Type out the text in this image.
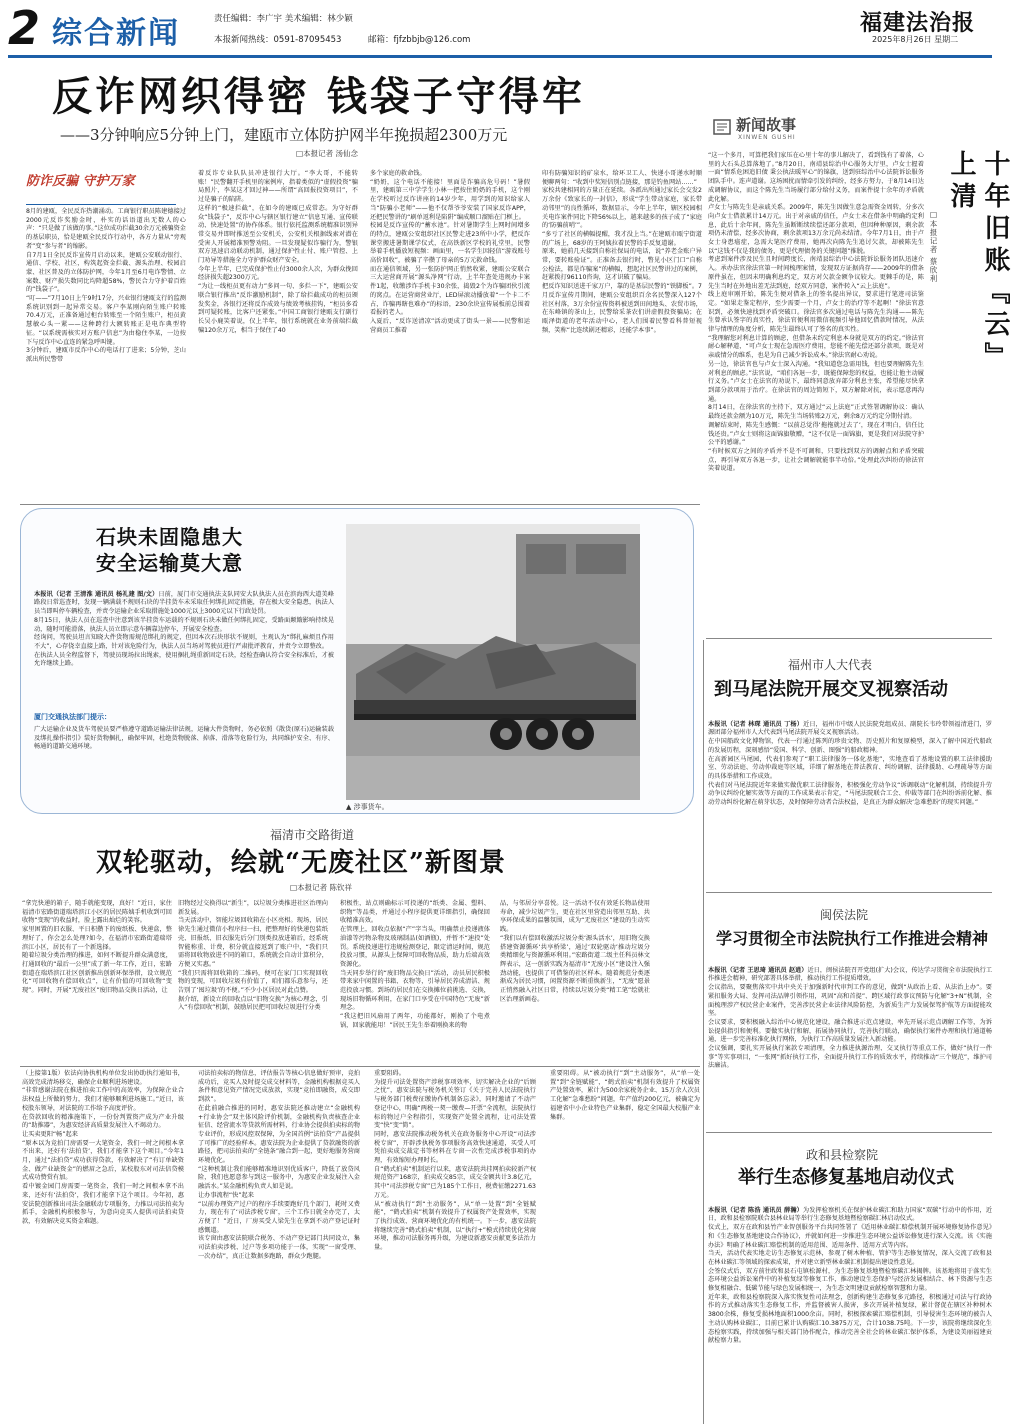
2 综合新闻	责任编辑：李广宇 美术编辑：林少颖
本报新闻热线：0591-87095453	邮箱：fjfzbbjb@126.com
福建法治报
2025年8月26日 星期二
反诈网织得密 钱袋子守得牢
——3分钟响应5分钟上门，建瓯市立体防护网半年挽损超2300万元
□本报记者 汤仙念
防诈反骗 守护万家
8月的建瓯，全民反诈热潮涌动。工商银行职员陈建德接过2000元反诈奖励金时，朴实的话语道出无数人的心声：“只是做了该做的事。”这位成功拦截30余万元被骗资金的基层职员，恰是建瓯全民反诈行动中，各方力量从“旁观者”变“参与者”的缩影。
自7月1日全民反诈宣传月启动以来，建瓯公安联动银行、通信、学校、社区，构筑起资金拦截、源头治理、校园启蒙、社区普及的立体防护网，今年1月至6月电诈警情、立案数、财产损失数同比均降超58%，警民合力守护着百姓的“钱袋子”。
“叮——”7月10日上午9时17分，兴业银行建瓯支行的监测系统识别到一起异常交易。客户李某刚向陌生账户转账70.4万元，正准备通过柜台转账至一个陌生账户，柜员黄慧敏心头一紧——这种跨行大额转账正是电诈典型特征。“以系统需核实对方账户信息”为由稳住李某，一边按下与反诈中心直连的紧急呼叫键。
3分钟后，建瓯市反诈中心的电话打了进来；5分钟，芝山派出所民警带
着反诈专业队队员冲进银行大厅。“李大哥，不能转账！”民警翻开手机里的案例库，指着类似的“虚假投资”骗局照片，李某这才回过神——所谓“高回报投资项目”，不过是骗子的陷阱。
这样的“极速拦截”，在如今的建瓯已成常态。为守好群众“钱袋子”，反诈中心与辖区银行建立“信息互通、宣传联动、快速处置”的协作体系。银行依托监测系统精准识别异常交易并即时推送至公安机关，公安机关根据线索对潜在受害人开展精准预警劝阻。一旦发现疑似诈骗行为，警银双方迅速启动联动机制，通过保护性止付、账户管控、上门劝导等措施全力守护群众财产安全。
今年上半年，已完成保护性止付3000余人次，为群众挽回经济损失超2300万元。
“为让一线柜员更有动力”多问一句、多拦一下”，建瓯公安联合银行推出“反诈激励机制”，除了给拦截成功的柜员颁发奖金，各银行还将反诈成效与绩效考核挂钩，“柜员多看到可疑转账，比客户还紧张。”中国工商银行建瓯支行副行长吴小鹿笑着说，仅上半年，银行系统就在业务前端拦截骗120余万元，相当于保住了40
多个家庭的救命钱。
“奶奶，这个电话不能接！里面是诈骗高危号码！”暑假里，建瓯第三中学学生小林一把按住奶奶的手机，这个刚在学校听过反诈讲座的14岁少年，用学到的知识给家人当“防骗小老师”——他不仅帮爷爷安装了国家反诈APP，还把民警讲的“刷单返利是陷阱”编成顺口溜贴在门框上。
校园是反诈宣传的“蓄水池”。针对暑期学生上网时间增多的特点，建瓯公安组织社区民警走进23所中小学，把反诈课堂搬进暑期课学仪式，在高铁新区学校的礼堂里，民警举着手机播放短视频：画面里，一名学生因轻信“游戏账号高价回收”，被骗了辛攒了母亲的5万元救命钱。
而在通信领域，另一张防护网正悄然收紧，建瓯公安联合三大运营商开展“源头净网”行动，上半年查处违规办卡案件1起，收缴涉诈手机卡30余张，捣毁2个为诈骗团伙引流的窝点。在运营商营业厅，LED屏滚动播放着“一个卡二不占，诈骗再瞎也难办”的标语，230余块宣传展板前总围着看报的老人。
入夏后，“反诈送清凉”活动更成了街头一景——民警和运营商员工推着
印有防骗知识的矿泉水，给环卫工人、快递小哥递水时顺便聊两句：“收到中奖短信别点链接，那是钓鱼网站……”
家校共建相同的方量正在延续。各派出所通过家长会交发2万余份《致家长的一封信》，形成“学生带动家庭，家长带动邻里”的良性循环，数据显示，今年上半年，辖区校园相关电诈案件同比下降56%以上，越来越多的孩子成了“家庭的‘防骗前哨’”。
“多亏了社区的横幅提醒，我才没上当。”在建瓯市瓯宁街道的广场上，68岁的王阿姨拉着民警的手反复道谢。
原来，她前几天接到自称社保局的电话，说“养老金账户异常，要转账验证”。正准备去银行时，瞥见小区门口“自称公检法，都是诈骗案”的横幅，想起社区民警讲过的案例，赶紧拨打96110咨询，这才识破了骗局。
把反诈知识送进千家万户，靠的是基层民警的“铁脚板”。7月反诈宣传月期间，建瓯公安组织百余名民警深入127个社区村落，3万余份宣传资料被送到田间地头、农贸市场，在东峰镇的茶山上，民警给采茶农们讲虚假投资骗局；在瓯泽街道的老年活动中心，老人们围着民警看科普短视频，笑称“比连续剧还精彩，还能学本事”。
新闻故事
XINWEN GUSHI
十年旧账『云』上清
□本报记者 蔡欣利
“这一个多月，可算把我们家压在心里十年的事儿解决了，看到钱有了着落，心里的大石头总算落地了。”8月20日，南靖县综治中心服务大厅里，卢女士握着一面“情系危困追旧债 秉公执法暖军心”的锦旗，送到驻综治中心法院诉讼服务团队手中。连声道谢。这场困扰而情牵引发的纠纷，经多方努力，于8月14日达成调解协议，而这个陈先生当场履行部分给付义务，而案件提十余年的矛盾就此化解。
卢女士与陈先生是亲戚关系。2009年，陈先生因做生意急需资金周转，分多次向卢女士借款累计14万元。出于对亲戚的信任，卢女士未在借条中明确约定利息，此后十余年间，陈先生虽断断续续偿还部分款项，但因种种原因，剩余款项仍未清偿，经多次协商，剩余款项13万余元尚未结清。今年7月1日，由于卢女士身患癌症，急需大笔医疗费用，她再次向陈先生追讨欠款，却被陈先生以“这钱不仅是我的债务，更是代理债务的关键问题”推脱。
考虑到案件涉及民生且时间跨度长，南靖县综治中心法院诉讼服务团队迅速介入。承办法官徐法官第一时间梳理案情，发现双方证据尚存——2009年的借条原件虽在，但因未明确利息约定，双方对欠款金额争议较大。更棘手的是，陈先生当时在外地出差无法到庭，经双方同意，案件转入“云上法庭”。
线上庭审刚开始，陈先生便对借条上的签名提出异议，要求进行笔迹司法鉴定。“如果走鉴定程序，至少需要一个月，卢女士的治疗等不起啊！”徐法官意识到，必须快速找到矛盾突破口。徐法官多次通过电话与陈先生沟通——陈先生曾承认签字的真实性，徐法官便利用微信视频引导他回忆借款时情况，从法律与情理的角度分析，陈先生最终认可了签名的真实性。
“我理解您对利息计算的顾虑，但借条未约定利息本身就是双方的约定。”徐法官耐心解释道，“可卢女士现在急需医疗费用，您能不能先偿还部分款项，既是对亲戚情分的维系，也是为自己减少诉讼成本。”徐法官耐心劝说。
另一边，徐法官也与卢女士深入沟通。“我知道您急需用钱，但也要理解陈先生对利息的顾虑。”法官说，“咱们各退一步，既能保障您的权益，也能让他主动履行义务。”卢女士在法官的劝说下，最终同意放弃部分利息主张，希望能尽快拿到部分款项用于治疗。在徐法官的周边简短下，双方解除对抗，表示愿意再沟通。
8月14日，在徐法官的主持下，双方通过“云上法庭”正式签署调解协议：确认最终还款金额为10万元，陈先生当场转账2万元，剩余8万元约定分期付清。
调解结束时，陈先生感慨：“以前总觉得‘拖拖就过去了’，现在才明白，信任比钱还贵。”卢女士则将这面锦旗敬赠，“这不仅是一面锦旗，更是我们对法院守护公平的感谢。”
“有时候双方之间的矛盾并不是不可调和，只要找到双方的调解点和矛盾突破点，再引导双方各退一步，让社会调解就能事半功倍。”处理此次纠纷的徐法官笑着说道。
石块未固隐患大
安全运输莫大意

本报讯（记者 王清淮 通讯员 杨礼建 图/文）日前，厦门市交通执法支队同安大队执法人员在滨海西大道美峰路段日常巡查时，发现一辆满载不规则石块的半挂货车未采取任何绑扎固定措施，存在极大安全隐患，执法人员当即叫停车辆检查，并责令运输企业采取措施处1000元以上3000元以下行政处罚。
8月15日，执法人员在巡查中注意到该半挂货车运载的不规则石块未做任何绑扎固定，受路面颠簸影响持续晃动，随时可能滑落，执法人员立即示意车辆靠边停车，开展安全检查。
经询问，驾驶员坦言知晓大件货物需规范绑扎的规定，但因本次石块形状不规则，主观认为“绑扎麻烦且作用不大”，心存侥幸直接上路，针对该危险行为，执法人员当场对驾驶员进行严肃批评教育，并责令立即整改。
在执法人员全程监督下，驾驶员现场拉出绳索，使用捆扎绳重新固定石块，经检查确认符合安全标准后，才被允许继续上路。

厦门交通执法部门提示：
广大运输企业及货车驾驶员要严格遵守道路运输法律法规，运输大件货物时，务必依照《散货(原石)运输装载及绑扎操作指引》装好货物捆扎，确保牢固，杜绝货物脱落、掉落、滑落等危险行为，共同维护安全、有序、畅通的道路交通环境。
▲ 涉事货车。
福清市交路街道
双轮驱动，绘就“无废社区”新图景
□本报记者 陈钦祥
“拿完快递的箱子，随手就能变现，真好！”近日，家住福清市宏路街道瑞塔滨江小区的居民陈姨手机收到可回收物“变现”的收益时，脸上露出灿烂的笑容。
家里困置的旧衣服、平日积攒下的废纸板、快递盒，整理好了，你会怎么处理?如今，在福清市宏路街道瑞塔滨江小区，居民有了一个新选择。
随着垃圾分类治理的推进，如何不断提升群众满意度，打通回收的“最后一公里”成了新一年工作，近日，宏路街道在瑞塔滨江社区创新推出创新环保举措，设立规范化“可回收物有偿回收点”，让有价值的可回收物“变现”。同时，开展“无废社区”废旧物品交换日活动，让
旧物经过交换得以“新生”，以垃圾分类推进社区治理向新发展。
当天活动中，智能垃圾回收箱在小区亮相。现场，居民徐先生通过微信小程序扫一扫，把整理好的快递包装纸壳、旧报纸、旧衣服先后分门别类投放进箱后，经系统智能称重、计费，积分就直接返到了账户中，“我们只需将回收物放进不同的箱口，系统就会自动计算积分，方便又实惠。”
“我们只需将回收箱的二维码，便可在家门口实现回收物的变现，可回收垃圾有价值了，咱们都乐意参与，还告别了‘囤垃圾’的不便。”不少小区居民对此点赞。
据介绍，新设立的回收点以“旧物交换”为核心理念，引入“有偿回收”机制，鼓励居民把可回收垃圾进行分类
积极性，站点则确标示可投递的“纸类、金属、塑料、织物”等品类，并通过小程序提供更详细指引，确保回收精准高效。
在管理上，回收点依据“产”字当头，明确禁止投递液体油漆等污物杂物及玻璃制品(如酒瓶)，并暂不“速投”处罚。系统投递进行违规检测登记，限定清运时间，规范投放习惯，从源头上保障可回收物品质，助力后端高效资源化。
当天同步举行的“废旧物品交换日”活动，动员居民积极带来家中闲置的书籍、衣物等，引导居民养成清洁、规范投放习惯。到场的居民们在交换摊位前挑选、交换，现场旧物循环利用，在家门口享受在中国特色“无废”新理念。
“我这把旧风扇用了两年，功能都好，刚换了个电煮锅，回家就能用！”居民王先生举着刚换来的物
品，与邻居分享喜悦。这一活动不仅有效延长物品使用寿命，减少垃圾产生，更在社区里营造出邻里互助、共享环保成果的温馨氛围，成为“无废社区”建设的生动实践。
“我们以有偿回收激活垃圾分类‘源头活水’，用旧物交换搭建资源循环‘共享桥梁’，通过‘双轮驱动’推动垃圾分类精细化与资源循环利用。”宏路街道二级主任科员林文辉表示，这一创新实践为福清市“无废小区”建设注入强劲动能，也提供了可借鉴的社区样本。随着规范分类逐渐成为居民习惯，闲置资源不断重焕新生，“无废”愿景正悄然融入社区日常，持续以垃圾分类“精工笔”绘就社区治理新画卷。
（上接第1版）依法向协执机构单位发出协助执行通知书，高效完成清场移交，确保企业顺利进场建设。
“非常感谢法院在推进拍卖工作中的高效率，为保障企业合法权益上所做的努力，我们才能够顺利进场施工。”近日，该校股东领导，对法院的工作给予高度评价。
在贷款回收的精准施策下，一份份判置资产成为产业升级的“助推器”，为惠安经济高质量发展注入不竭动力。
让买卖更阳“畅”起来
“原本以为竞拍门房需要一大笔资金，我们一时之间根本拿不出来，还好有‘法拍贷’，我们才能拿下这个项目。”今年1月，通过“法拍贷”成功获得贷款，有效解决了“有订单缺资金、做产业缺资金”的燃眉之急后，某校股东对司法信贷模式成功赞赏有加。
看中镀金园门房需要一笔资金，我们一时之间根本拿不出来，还好有‘法拍贷’，我们才能拿下这个项目。今年初，惠安法院创新推出司法金融联动专项服务，力推以司法拍卖为抓手，金融机构积极参与，为意向竞买人提供司法拍卖贷款，有效解决竞买资金难题。
司法拍卖标的物信息，评估报告等核心信息做好预审，竞拍成功后，竞买人及时提交成交材料等，金融机构根据竞买人条件和意见资产情况完成放款，实现“竞拍即融资，成交即到款”。
在此前融合推进的同时，惠安法院还推动建立“金融机构+行业协会”双主体风险评价机制，金融机构负责核查企业征信、经营流水等贷款所需材料，行业协会提供拍卖标的物专业评价，形成风控双保障，为全国首例“法拍贷”产品提供了可推广的经验样本。惠安法院为企业提供了贷款融资的新路径，把司法拍卖的“全链条”融合到一起，更好地服务营商环境优化。
“这种机制让我们能够精准地识别优质客户，降低了放贷风险，我们也愿意参与到这一服务中，为惠安企业发展注入金融活水。”某金融机构负责人如是说。
让办事流程“快”起来
“以前办理资产过户的程序手续要跑好几个部门，耗时又费力，现在有了‘司法涉税专窗’，三个工作日就全办完了，太方便了！”近日，厂房买受人梁先生在拿到不动产登记证时感慨道。
该专窗由惠安法院联合税务、不动产登记部门共同设立，集司法拍卖涉税、过户等多项功能于一体，实现“一窗受理、一次办结”，真正让数据多跑路，群众少跑腿。
重要阻碍。
为提升司法处置资产涉税事项效率，切实解决企业的“后顾之忧”，惠安法院与税务机关签订《关于完善人民法院执行与税务部门税费征缴协作机制备忘录》，同时邀请了不动产登记中心，明确“两税一契一缴费—开票”全流程，法院执行标的物过户全程指引，实现资产处置全流程，让司法处置变“快”变“简”。
同时，惠安法院推动税务机关在政务服务中心开设“司法涉税专窗”，开辟涉执税务事项服务高效快速通道，买受人可凭拍卖成交裁定书等材料在专窗一次性完成涉税事项的办理，有效缩短办理时长。
自“鹤式拍卖”机制运行以来，惠安法院共挂网拍卖较新产权规范资产168宗，拍卖成交85宗，成交金额共计3.8亿元，其中“司法涉税专窗”已为185个工作日，税费征缴2271.63万元。
从“被动执行”到“主动服务”，从“单一处置”到“全链赋能”，“鹤式拍卖”机制有效提升了权属资产处置效率，实现了执行成效、营商环境优化的有机统一。下一步，惠安法院将继续完善“鹤式拍卖”机制，以“执行+”模式持续优化营商环境，推动司法服务再升级，为建设新惠安贡献更多法治力量。
重要阻碍。从“被动执行”到“主动服务”，从“单一处置”到“全链赋能”，“鹤式拍卖”机制有效提升了权属资产处置效率，累计为500余家税务企业、15万余人次员工化解“急难愁盼”问题，年产值约200亿元，被确定为福建省中小企业特色产业集群，稳定全国最大校服产业集群。
福州市人大代表
到马尾法院开展交叉视察活动

本报讯（记者 林琛 通讯员 丁杨）近日，福州市中级人民法院党组成员、副院长韦玲带领福清进门，罗源团部分福州市人大代表到马尾法院开展交叉视察活动。
在中国船政文化博物馆，代表一行通过陈列的珍贵文物、历史照片和复原模型，深入了解中国近代船政的发展历程，深刻感悟“爱国、科学、创新、图强”的船政精神。
在高新园区马尾园，代表们参观了“职工法律服务一体化基地”，实地查看了基地设置的职工法律援助室、劳动法庭、劳动仲裁庭等区域，详细了解基地在普法教育、纠纷调解、法律援助、心理疏导等方面的具体举措和工作成效。
代表们对马尾法院近年来做实做优职工法律服务，积极强化劳动争议“诉调联动”化解机制，持续提升劳动争议纠纷化解实效等方面的工作成果表示肯定，“马尾法院联合工会、仲裁等部门在纠纷诉前化解、推动劳动纠纷化解在萌芽状态，及时保障劳动者合法权益，是真正为群众解决‘急难愁盼’的现实问题。”

闽侯法院
学习贯彻全市法院执行工作推进会精神

本报讯（记者 王思琦 通讯员 赵逍）近日，闽侯法院召开党组(扩大)会议，传达学习贯彻全市法院执行工作推进会精神，研究部署具体举措，推动执行工作提质增效。
会议指出，要聚焦落实中共中央关于加强新时代审判工作的意见，做到“从政治上看、从法治上办”。要紧扣服务大局、发挥司法品牌引领作用，巩固“高和首提”、跨区域行政事议预防与化解“3+N”机制，全面梳理涉产权民营企业案件，完善涉民营企业法律风险防控，为新质生产力发展保驾护航等方面提能攻坚。
会议要求，要积极融入综治中心规范化建设，融合推进示范点建设，率先开展示范点调解工作等，为诉讼提供指引和便利。要做实执行和解，拓展协同执行，完善执行联动，确保执行案件办理和执行通道畅通，进一步完善标准化执行网格，为执行工作高质量发展注入新动能。
会议强调，要扎实开展执行案款专项清理，全力推进执源治理、交叉执行等重点工作，做好“执行一件事”等实事项目，“一张网”抓好执行工作，全面提升执行工作的质效水平，持续推动“三个规范”，维护司法廉洁。

政和县检察院
举行生态修复基地启动仪式

本报讯（记者 陈浩 通讯员 薛瀚）为发挥检察机关在保护林业碳汇和助力国家“双碳”行动中的作用，近日，政和县检察院联合县林业局等举行生态修复基地暨检察碳汇林启动仪式。
仪式上，双方在政和县竹产业智创服务平台共同签署了《适用林业碳汇赔偿机制开展环境修复协作意见》和《生态修复基地建设合作协议》，并就如何进一步推进生态环境公益诉讼修复进行深入交流。该《实施办法》明确了林业碳汇赔偿机制的适用范围、适用条件、适用方式等内容。
当天，活动代表实地走访生态修复示范林，参观了树木种植、管护等生态修复情况，深入交流了政和县在林业碳汇等领域的探索成果，并对建立新型林业碳汇机制提出建设性意见。
会签仪式后，双方前往政和县石屯镇松源村，为生态修复基地暨检察碳汇林揭牌。该基地将用于落实生态环境公益诉讼案件中的补植复绿等修复工作，推动建设生态保护与经济发展相结合、林下资源与生态修复相融合、低碳节能与绿色发展相统一，为生态文明建设贡献检察智慧和力量。
近年来，政和县检察院深入落实恢复性司法理念，创新构建生态修复多元路径，积极通过司法与行政协作的方式推动落实生态修复工作，并监督被害人损害，多次开展补植复绿，累计督促在辖区补种树木3800余株，修复受损林地面积1000余亩。同时，积极探索碳汇赔偿机制，引导侵害生态环境的被告人主动认购林业碳汇，目前已累计认购碳汇10.3875万元，合计1038.75吨。下一步，该院将继续深化生态检察实践，持续加强与相关部门协作配合，推动完善全社会的林业碳汇保护体系，为建设美丽福建贡献检察力量。
